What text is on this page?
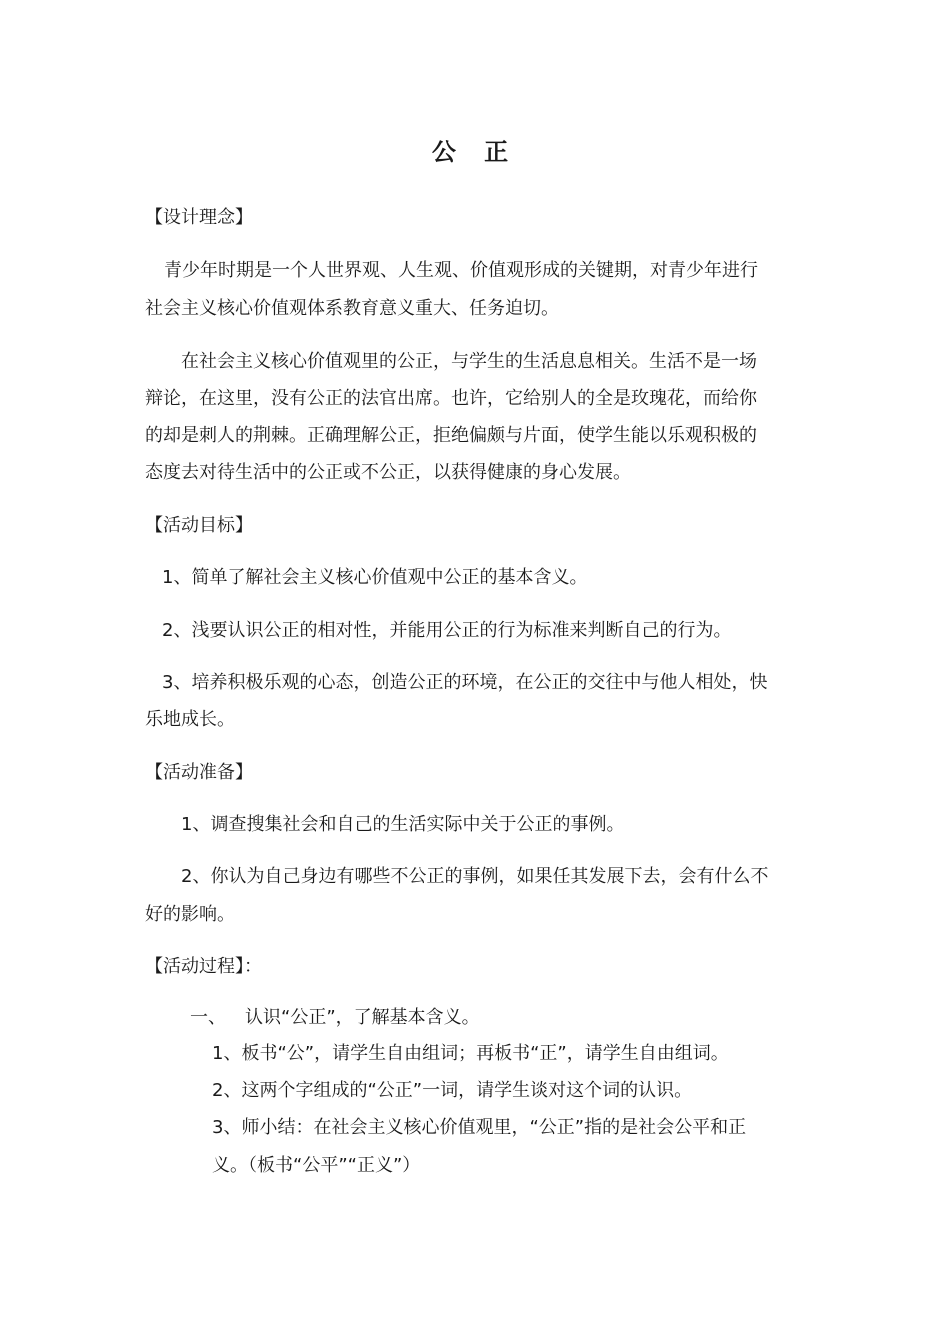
公 正
【设计理念】
青少年时期是一个人世界观、人生观、价值观形成的关键期，对青少年进行
社会主义核心价值观体系教育意义重大、任务迫切。
在社会主义核心价值观里的公正，与学生的生活息息相关。生活不是一场
辩论，在这里，没有公正的法官出席。也许，它给别人的全是玫瑰花，而给你
的却是刺人的荆棘。正确理解公正，拒绝偏颇与片面，使学生能以乐观积极的
态度去对待生活中的公正或不公正，以获得健康的身心发展。
【活动目标】
1、简单了解社会主义核心价值观中公正的基本含义。
2、浅要认识公正的相对性，并能用公正的行为标准来判断自己的行为。
3、培养积极乐观的心态，创造公正的环境，在公正的交往中与他人相处，快
乐地成长。
【活动准备】
1、调查搜集社会和自己的生活实际中关于公正的事例。
2、你认为自己身边有哪些不公正的事例，如果任其发展下去，会有什么不
好的影响。
【活动过程】：
一、 认识“公正”，了解基本含义。
1、板书“公”，请学生自由组词；再板书“正”，请学生自由组词。
2、这两个字组成的“公正”一词，请学生谈对这个词的认识。
3、师小结：在社会主义核心价值观里，“公正”指的是社会公平和正
义。（板书“公平”“正义”）
